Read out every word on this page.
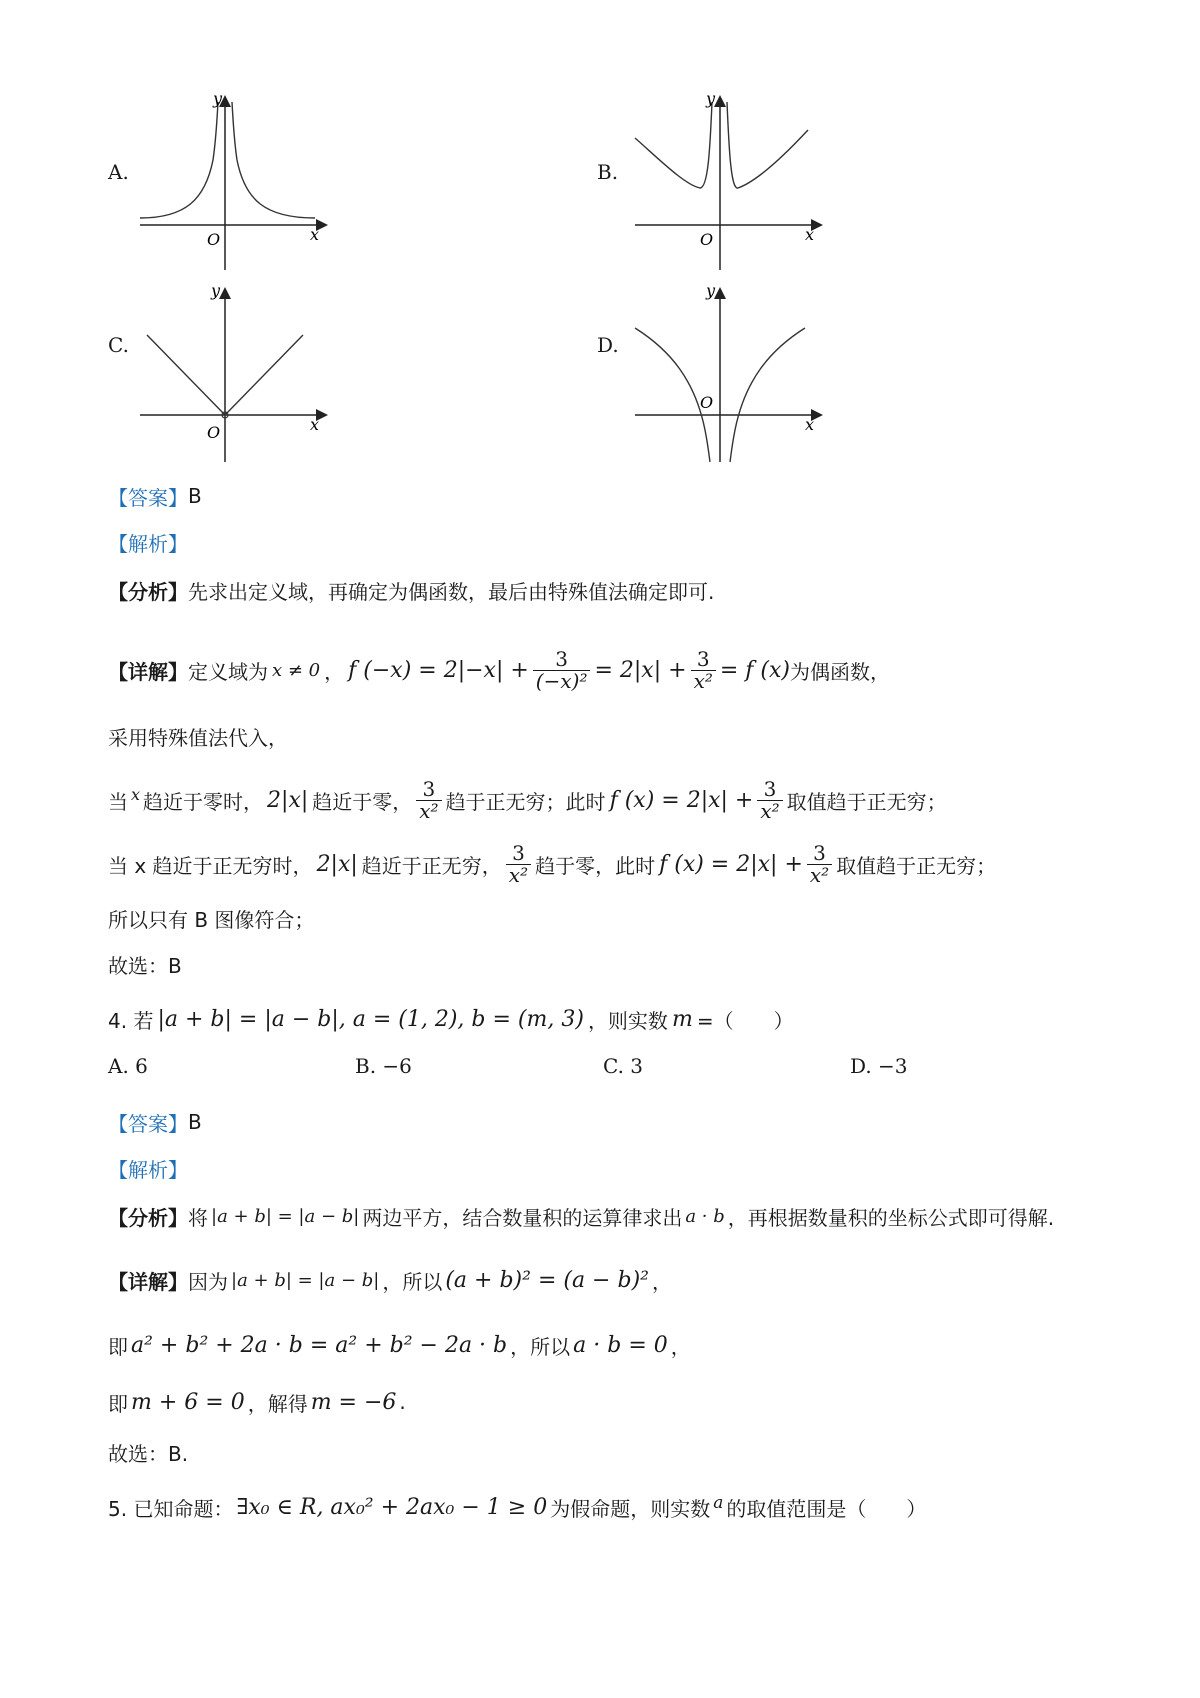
A.	B.
C.	D.
y
x
O
y
x
O
y
x
O
y
x
O
【答案】 B
【解析】
【分析】 先求出定义域，再确定为偶函数，最后由特殊值法确定即可.
【详解】 定义域为 x ≠ 0 ， f $(-x) = 2|-x| + \frac{3}{\text{(−x)²}} = 2|x| + \frac{3}{\text{x²}} = f$ (x) 为偶函数，
采用特殊值法代入，
当 x 趋近于零时， 2|x| 趋近于零， $\frac{3}{\text{x²}}$ 趋于正无穷；此时 f $(x) = 2|x| + \frac{3}{\text{x²}}$ 取值趋于正无穷；
当 x 趋近于正无穷时， 2|x| 趋近于正无穷， $\frac{3}{\text{x²}}$ 趋于零，此时 f $(x) = 2|x| + \frac{3}{\text{x²}}$ 取值趋于正无穷；
所以只有 B 图像符合；
故选：B
4. 若 |a + b| = |a − b|, a = (1, 2), b = (m, 3) ，则实数 m =（　　）
A. 6	B. −6	C. 3	D. −3
【答案】 B
【解析】
【分析】 将 |a + b| = |a − b| 两边平方，结合数量积的运算律求出 a · b ，再根据数量积的坐标公式即可得解.
【详解】 因为 |a + b| = |a − b| ，所以 (a + b)² = (a − b)² ，
即 a² + b² + 2a · b = a² + b² − 2a · b ，所以 a · b = 0 ，
即 m + 6 = 0 ，解得 m = −6 .
故选：B.
5. 已知命题： ∃x₀ ∈ R, ax₀² + 2ax₀ − 1 ≥ 0 为假命题，则实数 a 的取值范围是（　　）
